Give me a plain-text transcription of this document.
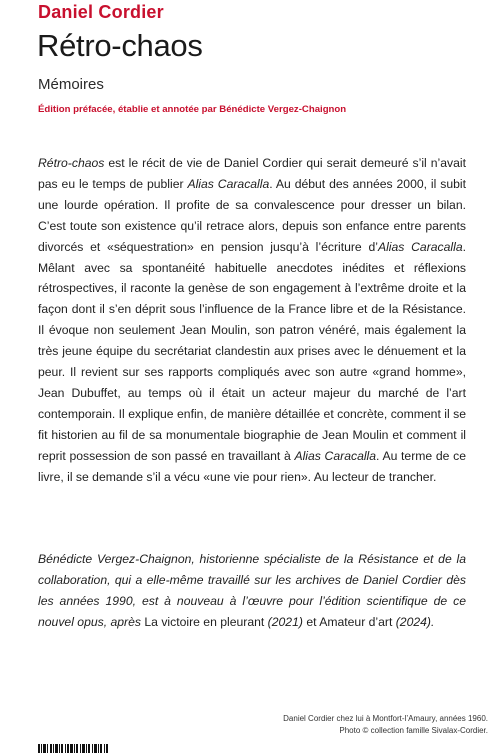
Daniel Cordier
Rétro-chaos
Mémoires
Édition préfacée, établie et annotée par Bénédicte Vergez-Chaignon

Rétro-chaos est le récit de vie de Daniel Cordier qui serait demeuré s’il n’avait pas eu le temps de publier Alias Caracalla. Au début des années 2000, il subit une lourde opération. Il profite de sa convalescence pour dresser un bilan. C’est toute son existence qu’il retrace alors, depuis son enfance entre parents divorcés et «séquestration» en pension jusqu’à l’écriture d’Alias Caracalla. Mêlant avec sa spontanéité habituelle anecdotes inédites et réflexions rétrospectives, il raconte la genèse de son engagement à l’extrême droite et la façon dont il s’en déprit sous l’influence de la France libre et de la Résistance. Il évoque non seulement Jean Moulin, son patron vénéré, mais également la très jeune équipe du secrétariat clandestin aux prises avec le dénuement et la peur. Il revient sur ses rapports compliqués avec son autre «grand homme», Jean Dubuffet, au temps où il était un acteur majeur du marché de l’art contemporain. Il explique enfin, de manière détaillée et concrète, comment il se fit historien au fil de sa monumentale biographie de Jean Moulin et comment il reprit possession de son passé en travaillant à Alias Caracalla. Au terme de ce livre, il se demande s’il a vécu «une vie pour rien». Au lecteur de trancher.

Bénédicte Vergez-Chaignon, historienne spécialiste de la Résistance et de la collaboration, qui a elle-même travaillé sur les archives de Daniel Cordier dès les années 1990, est à nouveau à l’œuvre pour l’édition scientifique de ce nouvel opus, après La victoire en pleurant (2021) et Amateur d’art (2024).

Daniel Cordier chez lui à Montfort-l’Amaury, années 1960.
Photo © collection famille Sivalax-Cordier.
